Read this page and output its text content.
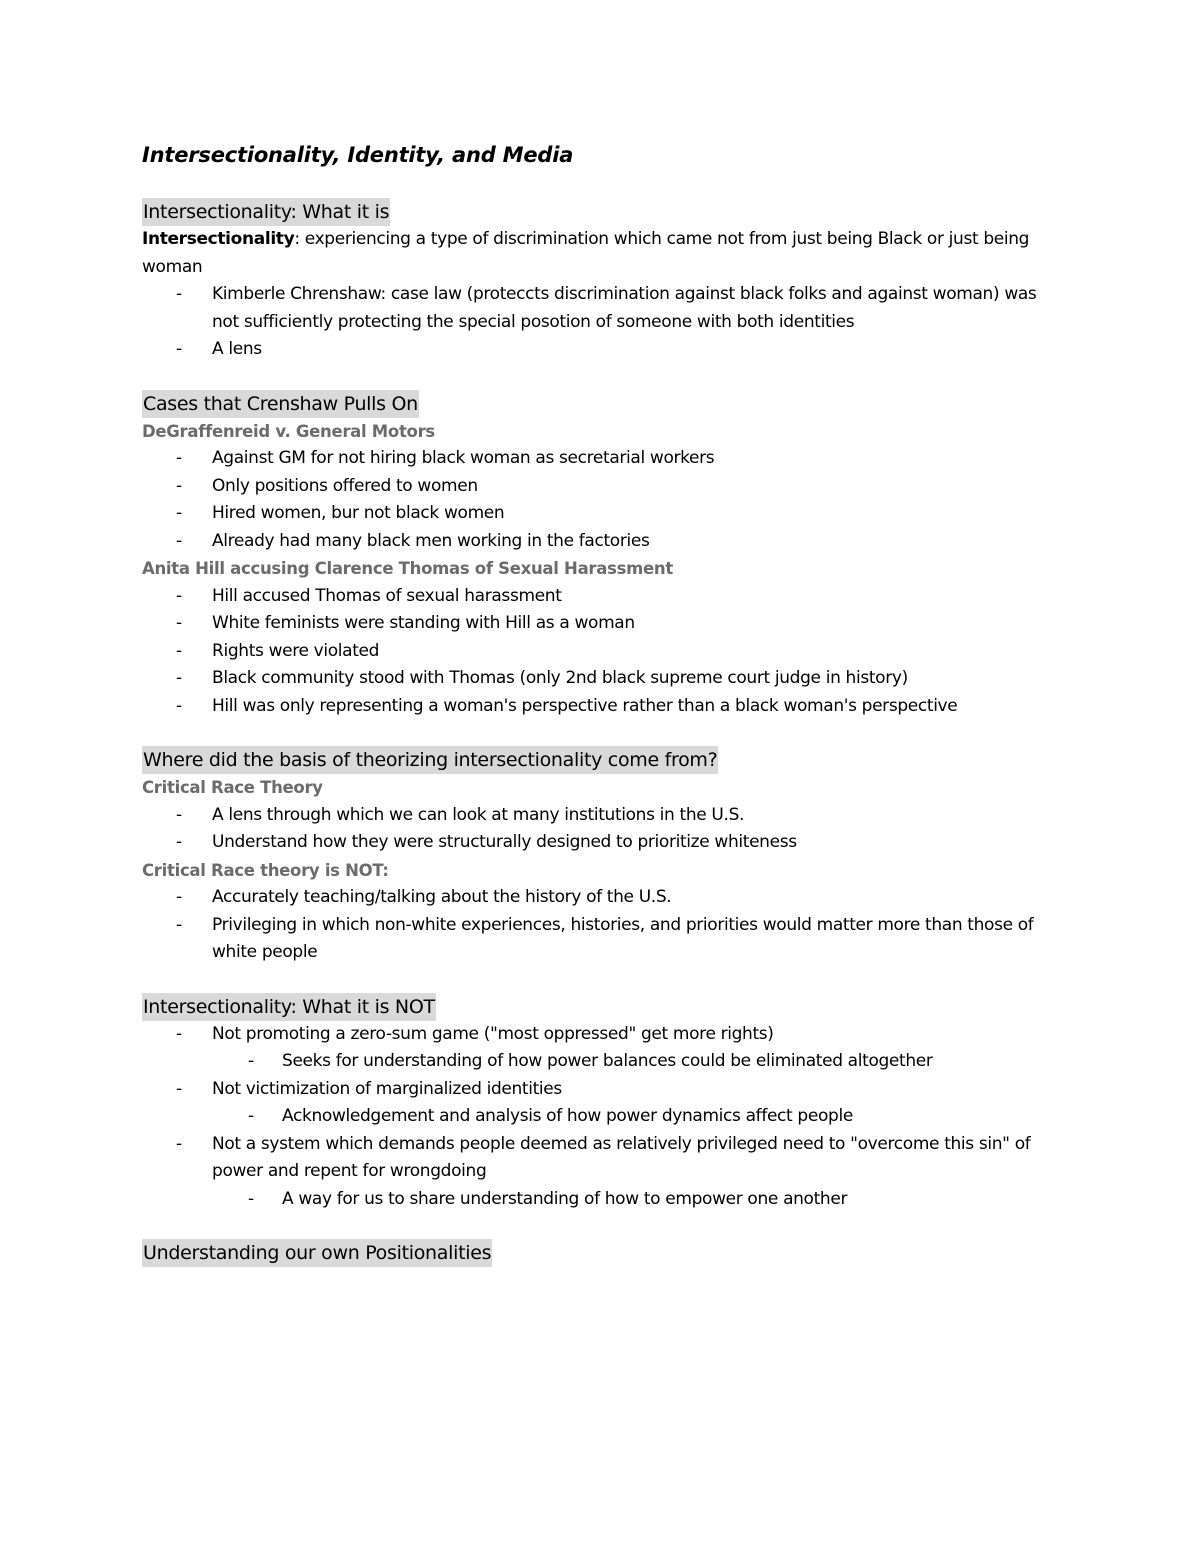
Intersectionality, Identity, and Media
Intersectionality: What it is
Intersectionality: experiencing a type of discrimination which came not from just being Black or just being woman
- Kimberle Chrenshaw: case law (proteccts discrimination against black folks and against woman) was not sufficiently protecting the special posotion of someone with both identities
- A lens
Cases that Crenshaw Pulls On
DeGraffenreid v. General Motors
- Against GM for not hiring black woman as secretarial workers
- Only positions offered to women
- Hired women, bur not black women
- Already had many black men working in the factories
Anita Hill accusing Clarence Thomas of Sexual Harassment
- Hill accused Thomas of sexual harassment
- White feminists were standing with Hill as a woman
- Rights were violated
- Black community stood with Thomas (only 2nd black supreme court judge in history)
- Hill was only representing a woman's perspective rather than a black woman's perspective
Where did the basis of theorizing intersectionality come from?
Critical Race Theory
- A lens through which we can look at many institutions in the U.S.
- Understand how they were structurally designed to prioritize whiteness
Critical Race theory is NOT:
- Accurately teaching/talking about the history of the U.S.
- Privileging in which non-white experiences, histories, and priorities would matter more than those of white people
Intersectionality: What it is NOT
- Not promoting a zero-sum game ("most oppressed" get more rights)
- Seeks for understanding of how power balances could be eliminated altogether
- Not victimization of marginalized identities
- Acknowledgement and analysis of how power dynamics affect people
- Not a system which demands people deemed as relatively privileged need to "overcome this sin" of power and repent for wrongdoing
- A way for us to share understanding of how to empower one another
Understanding our own Positionalities
